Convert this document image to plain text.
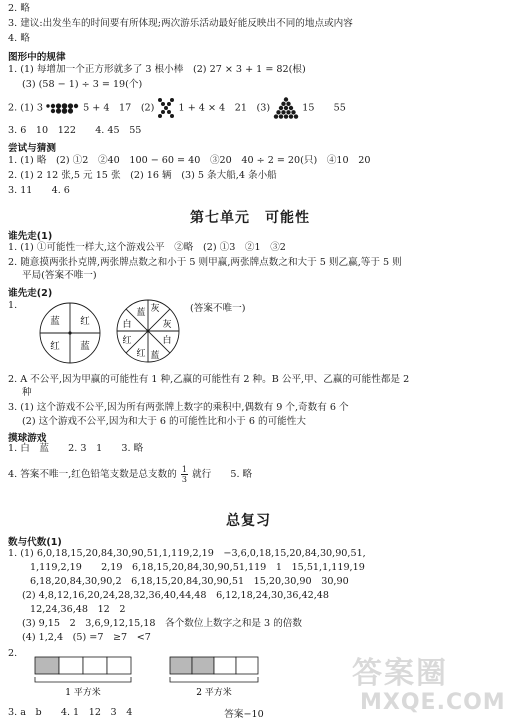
2. 略
3. 建议:出发坐车的时间要有所体现;两次游乐活动最好能反映出不同的地点或内容
4. 略
图形中的规律
1. (1) 每增加一个正方形就多了 3 根小棒　(2) 27 × 3 + 1 = 82(根)
(3) (58 − 1) ÷ 3 = 19(个)
2. (1) 3	5 + 4　17　(2)	1 + 4 × 4　21　(3)	15　　55
3. 6　10　122　　4. 45　55
尝试与猜测
1. (1) 略　(2) ①2　②40　100 − 60 = 40　③20　40 ÷ 2 = 20(只)　④10　20
2. (1) 2 12 张,5 元 15 张　(2) 16 辆　(3) 5 条大船,4 条小船
3. 11　　4. 6
第七单元　可能性
谁先走(1)
1. (1) ①可能性一样大,这个游戏公平　②略　(2) ①3　②1　③2
2. 随意摸两张扑克牌,两张牌点数之和小于 5 则甲赢,两张牌点数之和大于 5 则乙赢,等于 5 则
平局(答案不唯一)
谁先走(2)
1.
蓝 红
红 蓝
蓝 灰
白	灰
红	白
红 蓝
(答案不唯一)
2. A 不公平,因为甲赢的可能性有 1 种,乙赢的可能性有 2 种。B 公平,甲、乙赢的可能性都是 2
种
3. (1) 这个游戏不公平,因为所有两张牌上数字的乘积中,偶数有 9 个,奇数有 6 个
(2) 这个游戏不公平,因为和大于 6 的可能性比和小于 6 的可能性大
摸球游戏
1. 白　蓝　　2. 3　1　　3. 略
4. 答案不唯一,红色铅笔支数是总支数的 $\frac{1}{3}$ 就行　　5. 略
总复习
数与代数(1)
1. (1) 6,0,18,15,20,84,30,90,51,1,119,2,19　−3,6,0,18,15,20,84,30,90,51,
1,119,2,19　　2,19　6,18,15,20,84,30,90,51,119　1　15,51,1,119,19
6,18,20,84,30,90,2　6,18,15,20,84,30,90,51　15,20,30,90　30,90
(2) 4,8,12,16,20,24,28,32,36,40,44,48　6,12,18,24,30,36,42,48
12,24,36,48　12　2
(3) 9,15　2　3,6,9,12,15,18　各个数位上数字之和是 3 的倍数
(4) 1,2,4　(5) =7　≥7　<7
2.
1 平方米	2 平方米
3. a　b　　4. 1　12　3　4	答案−10
答案圈
MXQE.COM
